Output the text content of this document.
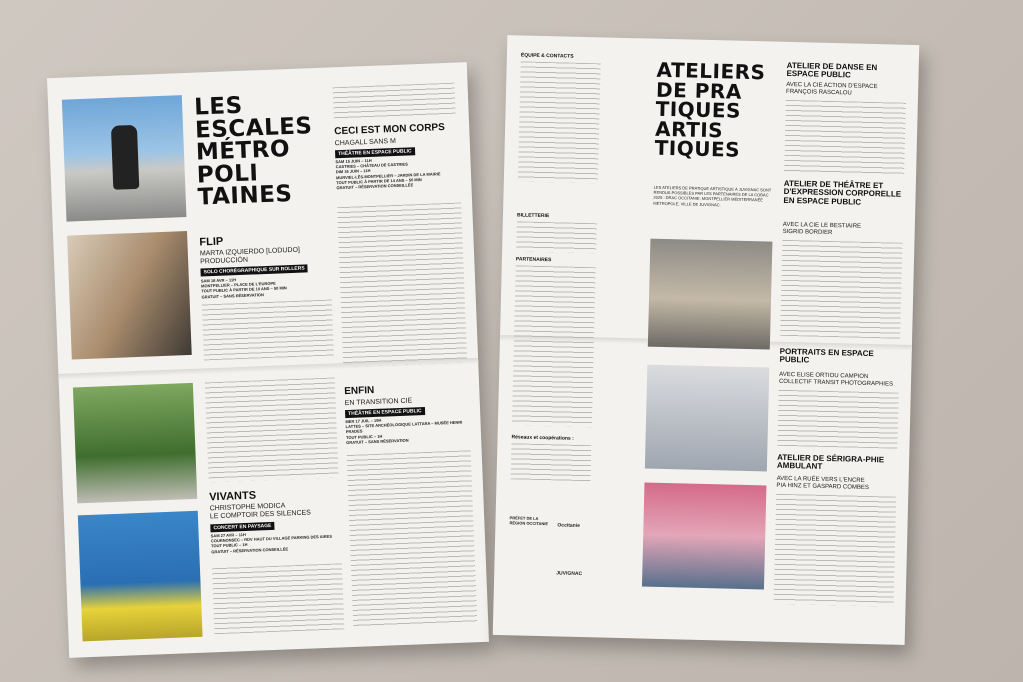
LES
ESCALES
MÉTRO
POLI
TAINES
FLIP
MARTA IZQUIERDO [LODUDO] PRODUCCIÓN
SOLO CHORÉGRAPHIQUE SUR ROLLERS
SAM 18 AVR – 11H
MONTPELLIER – PLACE DE L'EUROPE
TOUT PUBLIC À PARTIR DE 10 ANS – 50 MIN
GRATUIT – SANS RÉSERVATION
VIVANTS
CHRISTOPHE MODICA
LE COMPTOIR DES SILENCES
CONCERT EN PAYSAGE
SAM 27 AVR – 11H
COURNONSEC – RDV HAUT DU VILLAGE PARKING DES AIRES
TOUT PUBLIC – 1H
GRATUIT – RÉSERVATION CONSEILLÉE
CECI EST MON CORPS
CHAGALL SANS M
THÉÂTRE EN ESPACE PUBLIC
SAM 15 JUIN – 11H
CASTRIES – CHÂTEAU DE CASTRIES
DIM 16 JUIN – 11H
MURVIEL-LÈS-MONTPELLIER – JARDIN DE LA MAIRIE
TOUT PUBLIC À PARTIR DE 14 ANS – 50 MIN
GRATUIT – RÉSERVATION CONSEILLÉE
ENFIN
EN TRANSITION CIE
THÉÂTRE EN ESPACE PUBLIC
MER 17 JUIL – 19H
LATTES – SITE ARCHÉOLOGIQUE LATTARA – MUSÉE HENRI PRADES
TOUT PUBLIC – 1H
GRATUIT – SANS RÉSERVATION
ÉQUIPE & CONTACTS
BILLETTERIE
PARTENAIRES
Réseaux et coopérations :
PRÉFET DE LA RÉGION OCCITANIE	Occitanie
JUVIGNAC
ATELIERS
DE PRA
TIQUES
ARTIS
TIQUES
LES ATELIERS DE PRATIQUE ARTISTIQUE À JUVIGNAC SONT RENDUS POSSIBLES PAR LES PARTENAIRES DE LA COBAC 2025 : DRAC OCCITANIE, MONTPELLIER MÉDITERRANÉE MÉTROPOLE, VILLE DE JUVIGNAC.
ATELIER DE DANSE EN ESPACE PUBLIC
AVEC LA CIE ACTION D'ESPACE
FRANÇOIS RASCALOU
ATELIER DE THÉÂTRE ET D'EXPRESSION CORPORELLE EN ESPACE PUBLIC
AVEC LA CIE LE BESTIAIRE
SIGRID BORDIER
PORTRAITS EN ESPACE PUBLIC
AVEC ELISE ORTIOU CAMPION
COLLECTIF TRANSIT PHOTOGRAPHIES
ATELIER DE SÉRIGRA-PHIE AMBULANT
AVEC LA RUÉE VERS L'ENCRE
PIA HINZ ET GASPARD COMBES
